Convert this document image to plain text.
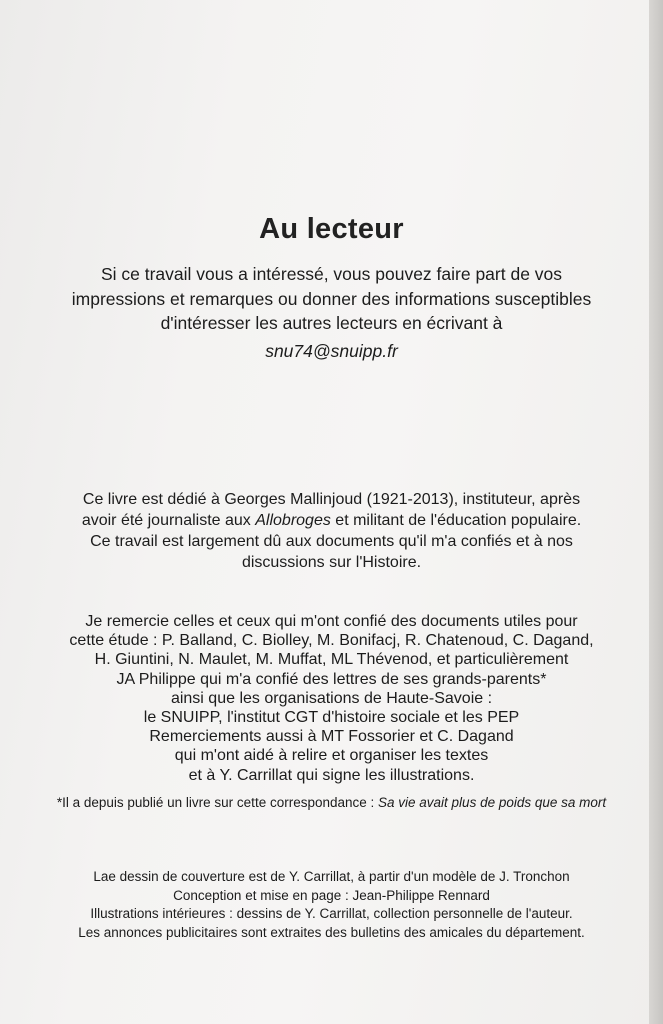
Au lecteur
Si ce travail vous a intéressé, vous pouvez faire part de vos
impressions et remarques ou donner des informations susceptibles
d'intéresser les autres lecteurs en écrivant à
snu74@snuipp.fr
Ce livre est dédié à Georges Mallinjoud (1921-2013), instituteur, après
avoir été journaliste aux Allobroges et militant de l'éducation populaire.
Ce travail est largement dû aux documents qu'il m'a confiés et à nos
discussions sur l'Histoire.
Je remercie celles et ceux qui m'ont confié des documents utiles pour
cette étude : P. Balland, C. Biolley, M. Bonifacj, R. Chatenoud, C. Dagand,
H. Giuntini, N. Maulet, M. Muffat, ML Thévenod, et particulièrement
JA Philippe qui m'a confié des lettres de ses grands-parents*
ainsi que les organisations de Haute-Savoie :
le SNUIPP, l'institut CGT d'histoire sociale et les PEP
Remerciements aussi à MT Fossorier et C. Dagand
qui m'ont aidé à relire et organiser les textes
et à Y. Carrillat qui signe les illustrations.
*Il a depuis publié un livre sur cette correspondance : Sa vie avait plus de poids que sa mort
Lae dessin de couverture est de Y. Carrillat, à partir d'un modèle de J. Tronchon
Conception et mise en page : Jean-Philippe Rennard
Illustrations intérieures : dessins de Y. Carrillat, collection personnelle de l'auteur.
Les annonces publicitaires sont extraites des bulletins des amicales du département.
